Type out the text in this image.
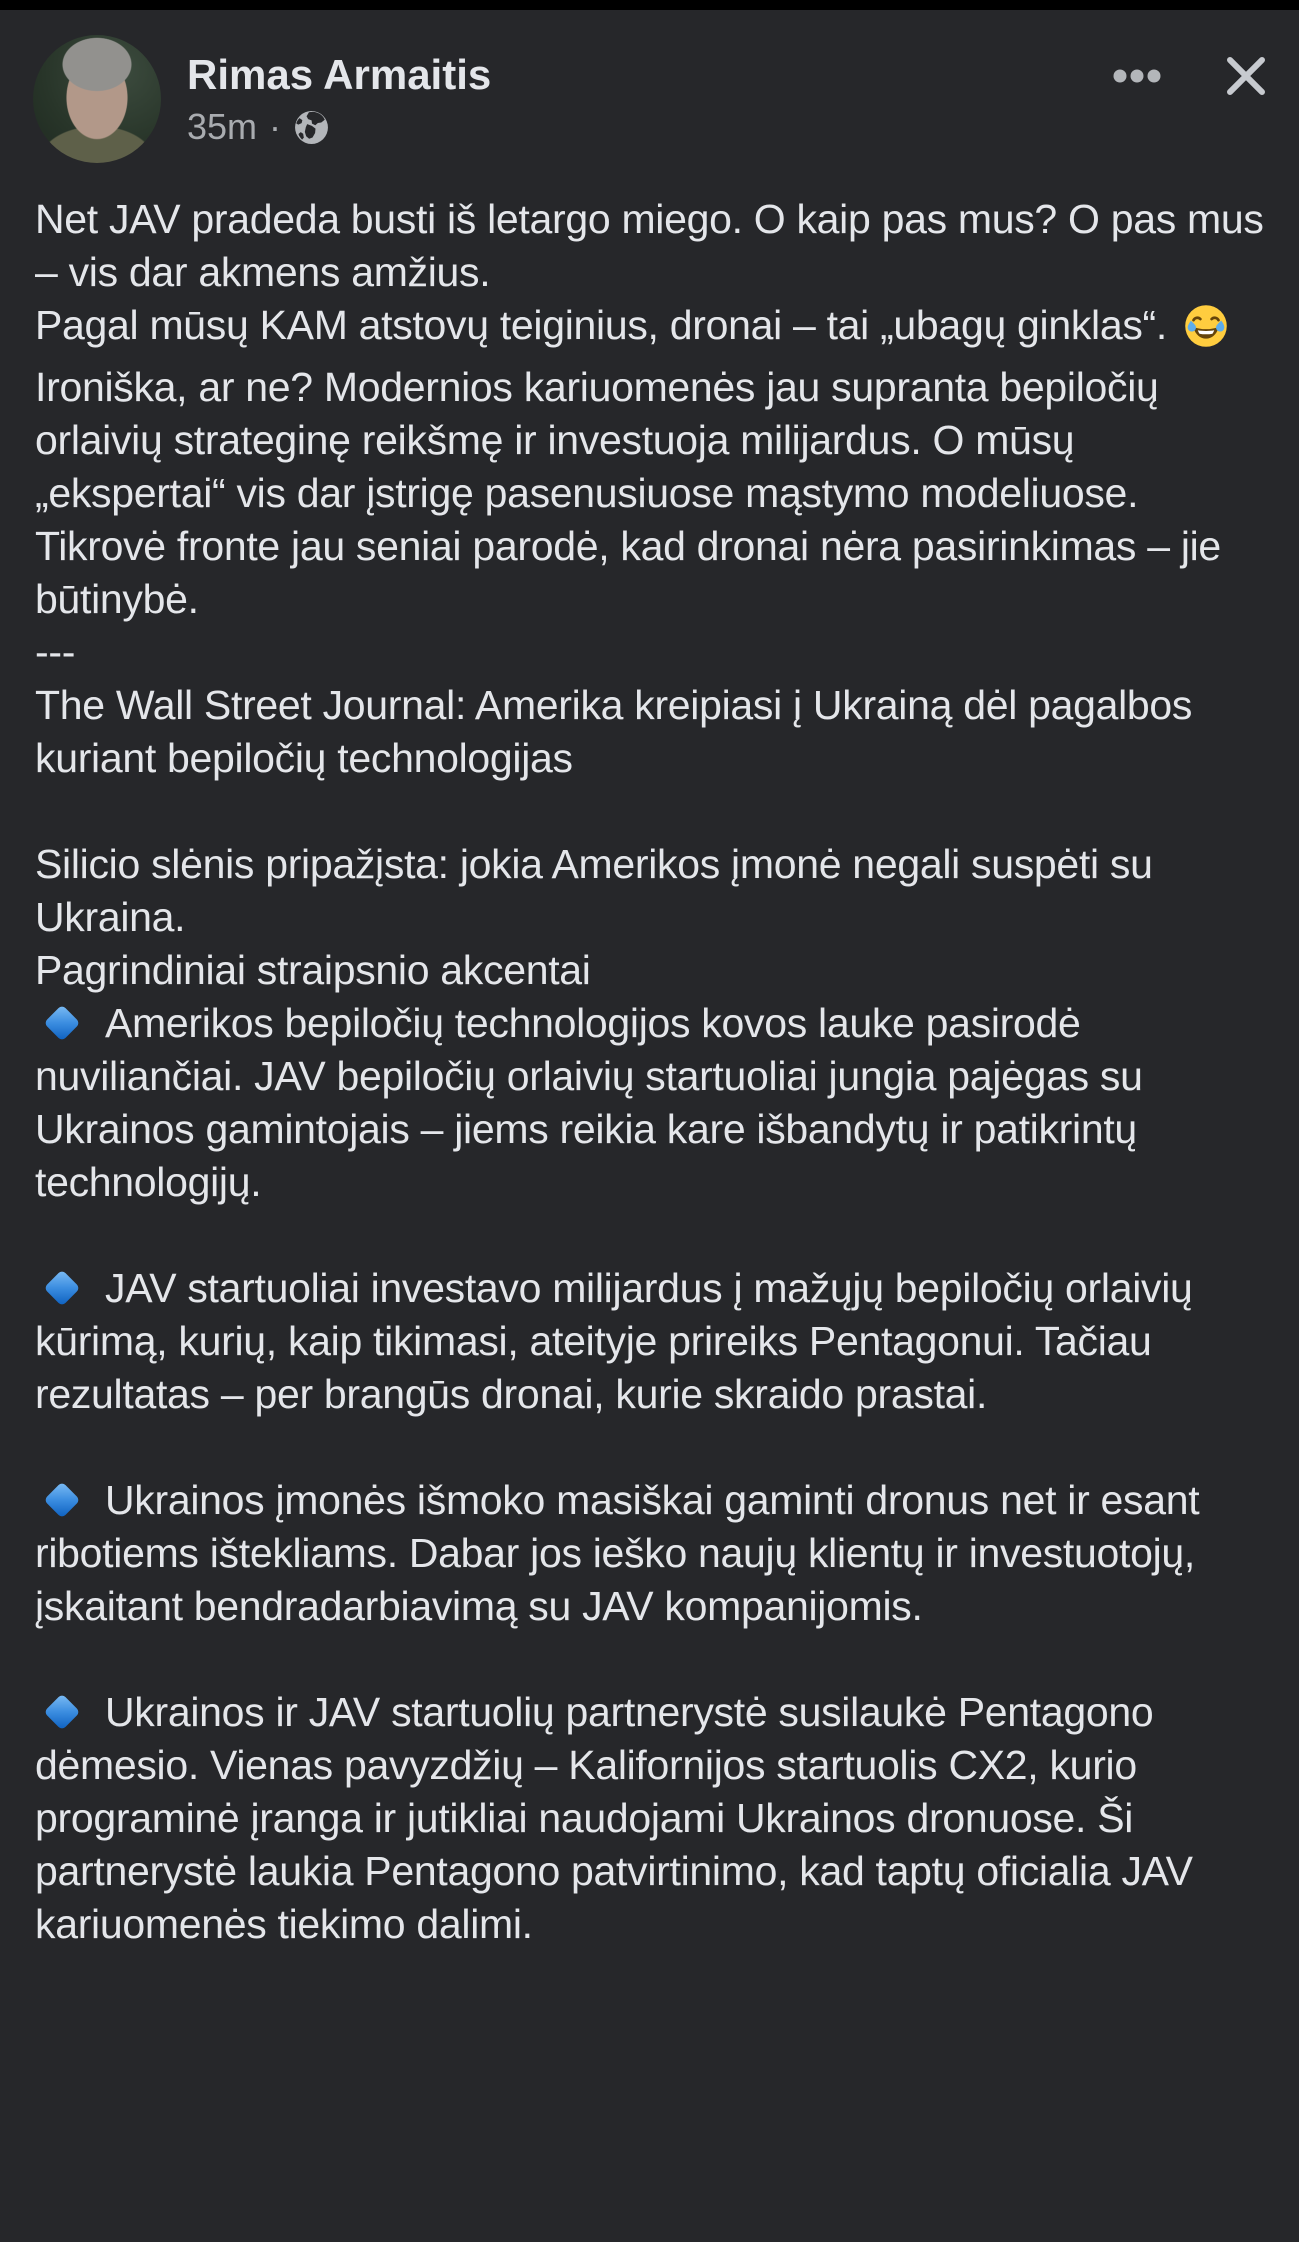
Rimas Armaitis
35m ·
Net JAV pradeda busti iš letargo miego. O kaip pas mus? O pas mus – vis dar akmens amžius.
Pagal mūsų KAM atstovų teiginius, dronai – tai „ubagų ginklas“.
Ironiška, ar ne? Modernios kariuomenės jau supranta bepiločių orlaivių strateginę reikšmę ir investuoja milijardus. O mūsų „ekspertai“ vis dar įstrigę pasenusiuose mąstymo modeliuose. Tikrovė fronte jau seniai parodė, kad dronai nėra pasirinkimas – jie būtinybė.
---
The Wall Street Journal: Amerika kreipiasi į Ukrainą dėl pagalbos kuriant bepiločių technologijas
Silicio slėnis pripažįsta: jokia Amerikos įmonė negali suspėti su Ukraina.
Pagrindiniai straipsnio akcentai
Amerikos bepiločių technologijos kovos lauke pasirodė nuviliančiai. JAV bepiločių orlaivių startuoliai jungia pajėgas su Ukrainos gamintojais – jiems reikia kare išbandytų ir patikrintų technologijų.
JAV startuoliai investavo milijardus į mažųjų bepiločių orlaivių kūrimą, kurių, kaip tikimasi, ateityje prireiks Pentagonui. Tačiau rezultatas – per brangūs dronai, kurie skraido prastai.
Ukrainos įmonės išmoko masiškai gaminti dronus net ir esant ribotiems ištekliams. Dabar jos ieško naujų klientų ir investuotojų, įskaitant bendradarbiavimą su JAV kompanijomis.
Ukrainos ir JAV startuolių partnerystė susilaukė Pentagono dėmesio. Vienas pavyzdžių – Kalifornijos startuolis CX2, kurio programinė įranga ir jutikliai naudojami Ukrainos dronuose. Ši partnerystė laukia Pentagono patvirtinimo, kad taptų oficialia JAV kariuomenės tiekimo dalimi.
